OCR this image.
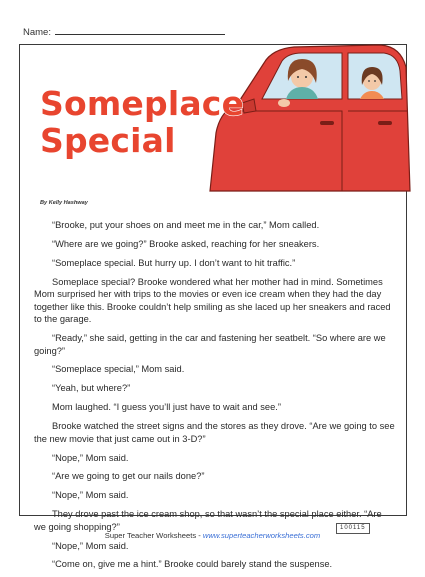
Name:
Someplace
Special
By Kelly Hashway

“Brooke, put your shoes on and meet me in the car,” Mom called.

“Where are we going?” Brooke asked, reaching for her sneakers.

“Someplace special. But hurry up. I don’t want to hit traffic.”

Someplace special? Brooke wondered what her mother had in mind. Sometimes Mom surprised her with trips to the movies or even ice cream when they had the day together like this. Brooke couldn’t help smiling as she laced up her sneakers and raced to the garage.

“Ready,” she said, getting in the car and fastening her seatbelt. “So where are we going?”

“Someplace special,” Mom said.

“Yeah, but where?”

Mom laughed. “I guess you’ll just have to wait and see.”

Brooke watched the street signs and the stores as they drove. “Are we going to see the new movie that just came out in 3-D?”

“Nope,” Mom said.

“Are we going to get our nails done?”

“Nope,” Mom said.

They drove past the ice cream shop, so that wasn’t the special place either. “Are we going shopping?”

“Nope,” Mom said.

“Come on, give me a hint.” Brooke could barely stand the suspense.

100115
Super Teacher Worksheets - www.superteacherworksheets.com
